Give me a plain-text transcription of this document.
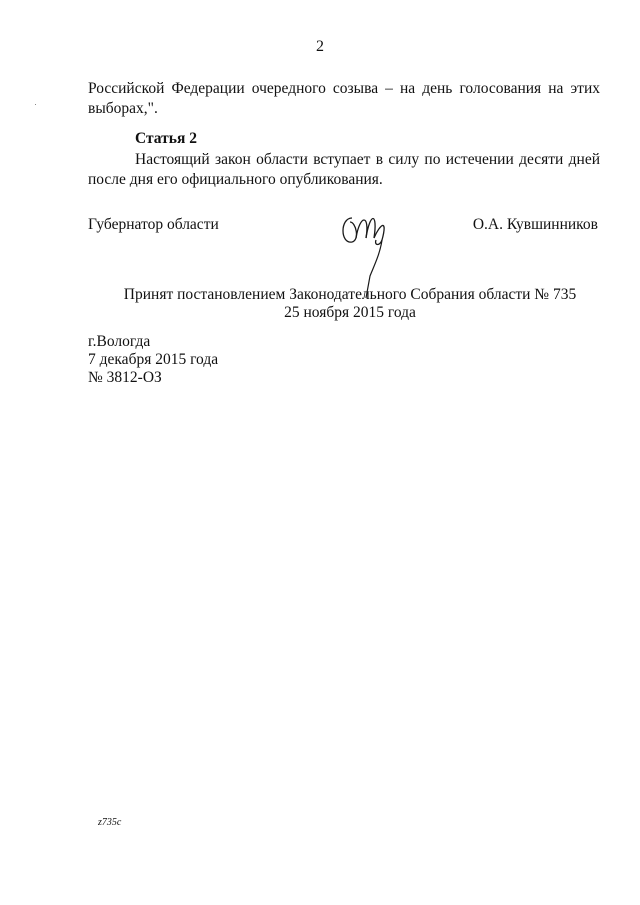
2
Российской Федерации очередного созыва – на день голосования на этих выборах,".
Статья 2
Настоящий закон области вступает в силу по истечении десяти дней после дня его официального опубликования.
Губернатор области	О.А. Кувшинников
Принят постановлением Законодательного Собрания области № 735
25 ноября 2015 года
г.Вологда
7 декабря 2015 года
№ 3812-ОЗ
z735c
